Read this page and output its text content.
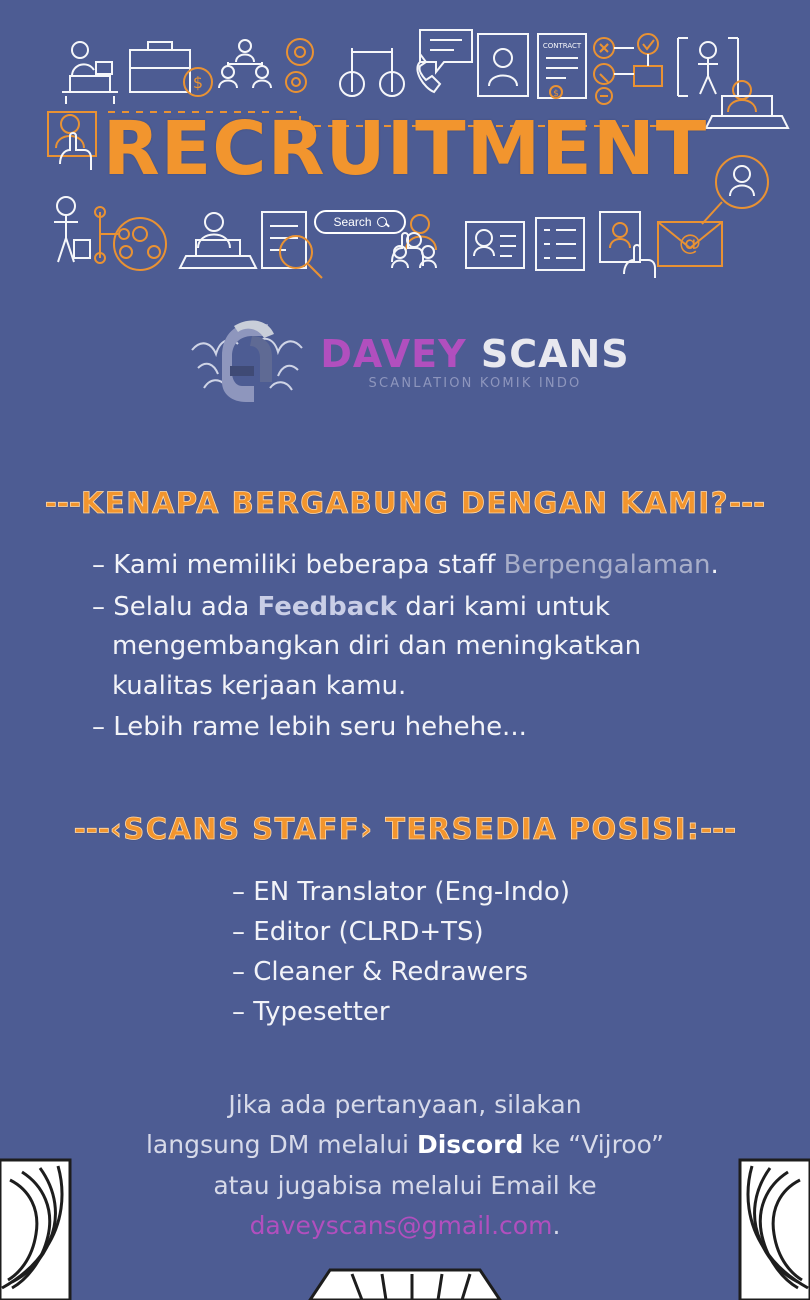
$
CONTRACT
$
@
RECRUITMENT
Search
DAVEY SCANS
SCANLATION KOMIK INDO
---KENAPA BERGABUNG DENGAN KAMI?---
– Kami memiliki beberapa staff Berpengalaman.
– Selalu ada Feedback dari kami untuk mengembangkan diri dan meningkatkan kualitas kerjaan kamu.
– Lebih rame lebih seru hehehe...
---‹SCANS STAFF› TERSEDIA POSISI:---
– EN Translator (Eng-Indo)
– Editor (CLRD+TS)
– Cleaner & Redrawers
– Typesetter
Jika ada pertanyaan, silakan
langsung DM melalui Discord ke “Vijroo”
atau jugabisa melalui Email ke
daveyscans@gmail.com.
